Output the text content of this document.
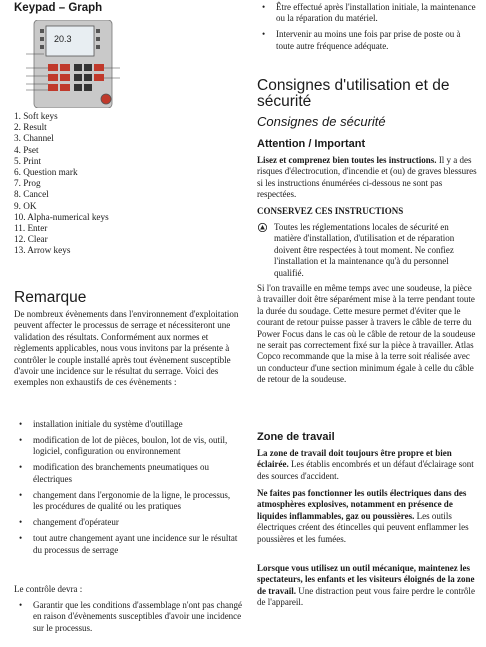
Keypad – Graph
20.3
1. Soft keys
2. Result
3. Channel
4. Pset
5. Print
6. Question mark
7. Prog
8. Cancel
9. OK
10. Alpha-numerical keys
11. Enter
12. Clear
13. Arrow keys
Remarque

De nombreux évènements dans l'environnement d'exploitation peuvent affecter le processus de serrage et nécessiteront une validation des résultats. Conformément aux normes et règlements applicables, nous vous invitons par la présente à contrôler le couple installé après tout évènement susceptible d'avoir une incidence sur le résultat du serrage. Voici des exemples non exhaustifs de ces évènements :

• installation initiale du système d'outillage
• modification de lot de pièces, boulon, lot de vis, outil, logiciel, configuration ou environnement
• modification des branchements pneumatiques ou électriques
• changement dans l'ergonomie de la ligne, le processus, les procédures de qualité ou les pratiques
• changement d'opérateur
• tout autre changement ayant une incidence sur le résultat du processus de serrage

Le contrôle devra :

• Garantir que les conditions d'assemblage n'ont pas changé en raison d'évènements susceptibles d'avoir une incidence sur le processus.
• Être effectué après l'installation initiale, la maintenance ou la réparation du matériel.
• Intervenir au moins une fois par prise de poste ou à toute autre fréquence adéquate.
Consignes d'utilisation et de sécurité
Consignes de sécurité
Attention / Important

Lisez et comprenez bien toutes les instructions. Il y a des risques d'électrocution, d'incendie et (ou) de graves blessures si les instructions énumérées ci-dessous ne sont pas respectées.

CONSERVEZ CES INSTRUCTIONS

Toutes les réglementations locales de sécurité en matière d'installation, d'utilisation et de réparation doivent être respectées à tout moment. Ne confiez l'installation et la maintenance qu'à du personnel qualifié.

Si l'on travaille en même temps avec une soudeuse, la pièce à travailler doit être séparément mise à la terre pendant toute la durée du soudage. Cette mesure permet d'éviter que le courant de retour puisse passer à travers le câble de terre du Power Focus dans le cas où le câble de retour de la soudeuse ne serait pas correctement fixé sur la pièce à travailler. Atlas Copco recommande que la mise à la terre soit réalisée avec un conducteur d'une section minimum égale à celle du câble de retour de la soudeuse.

Zone de travail

La zone de travail doit toujours être propre et bien éclairée. Les établis encombrés et un défaut d'éclairage sont des sources d'accident.

Ne faites pas fonctionner les outils électriques dans des atmosphères explosives, notamment en présence de liquides inflammables, gaz ou poussières. Les outils électriques créent des étincelles qui peuvent enflammer les poussières et les fumées.

Lorsque vous utilisez un outil mécanique, maintenez les spectateurs, les enfants et les visiteurs éloignés de la zone de travail. Une distraction peut vous faire perdre le contrôle de l'appareil.
